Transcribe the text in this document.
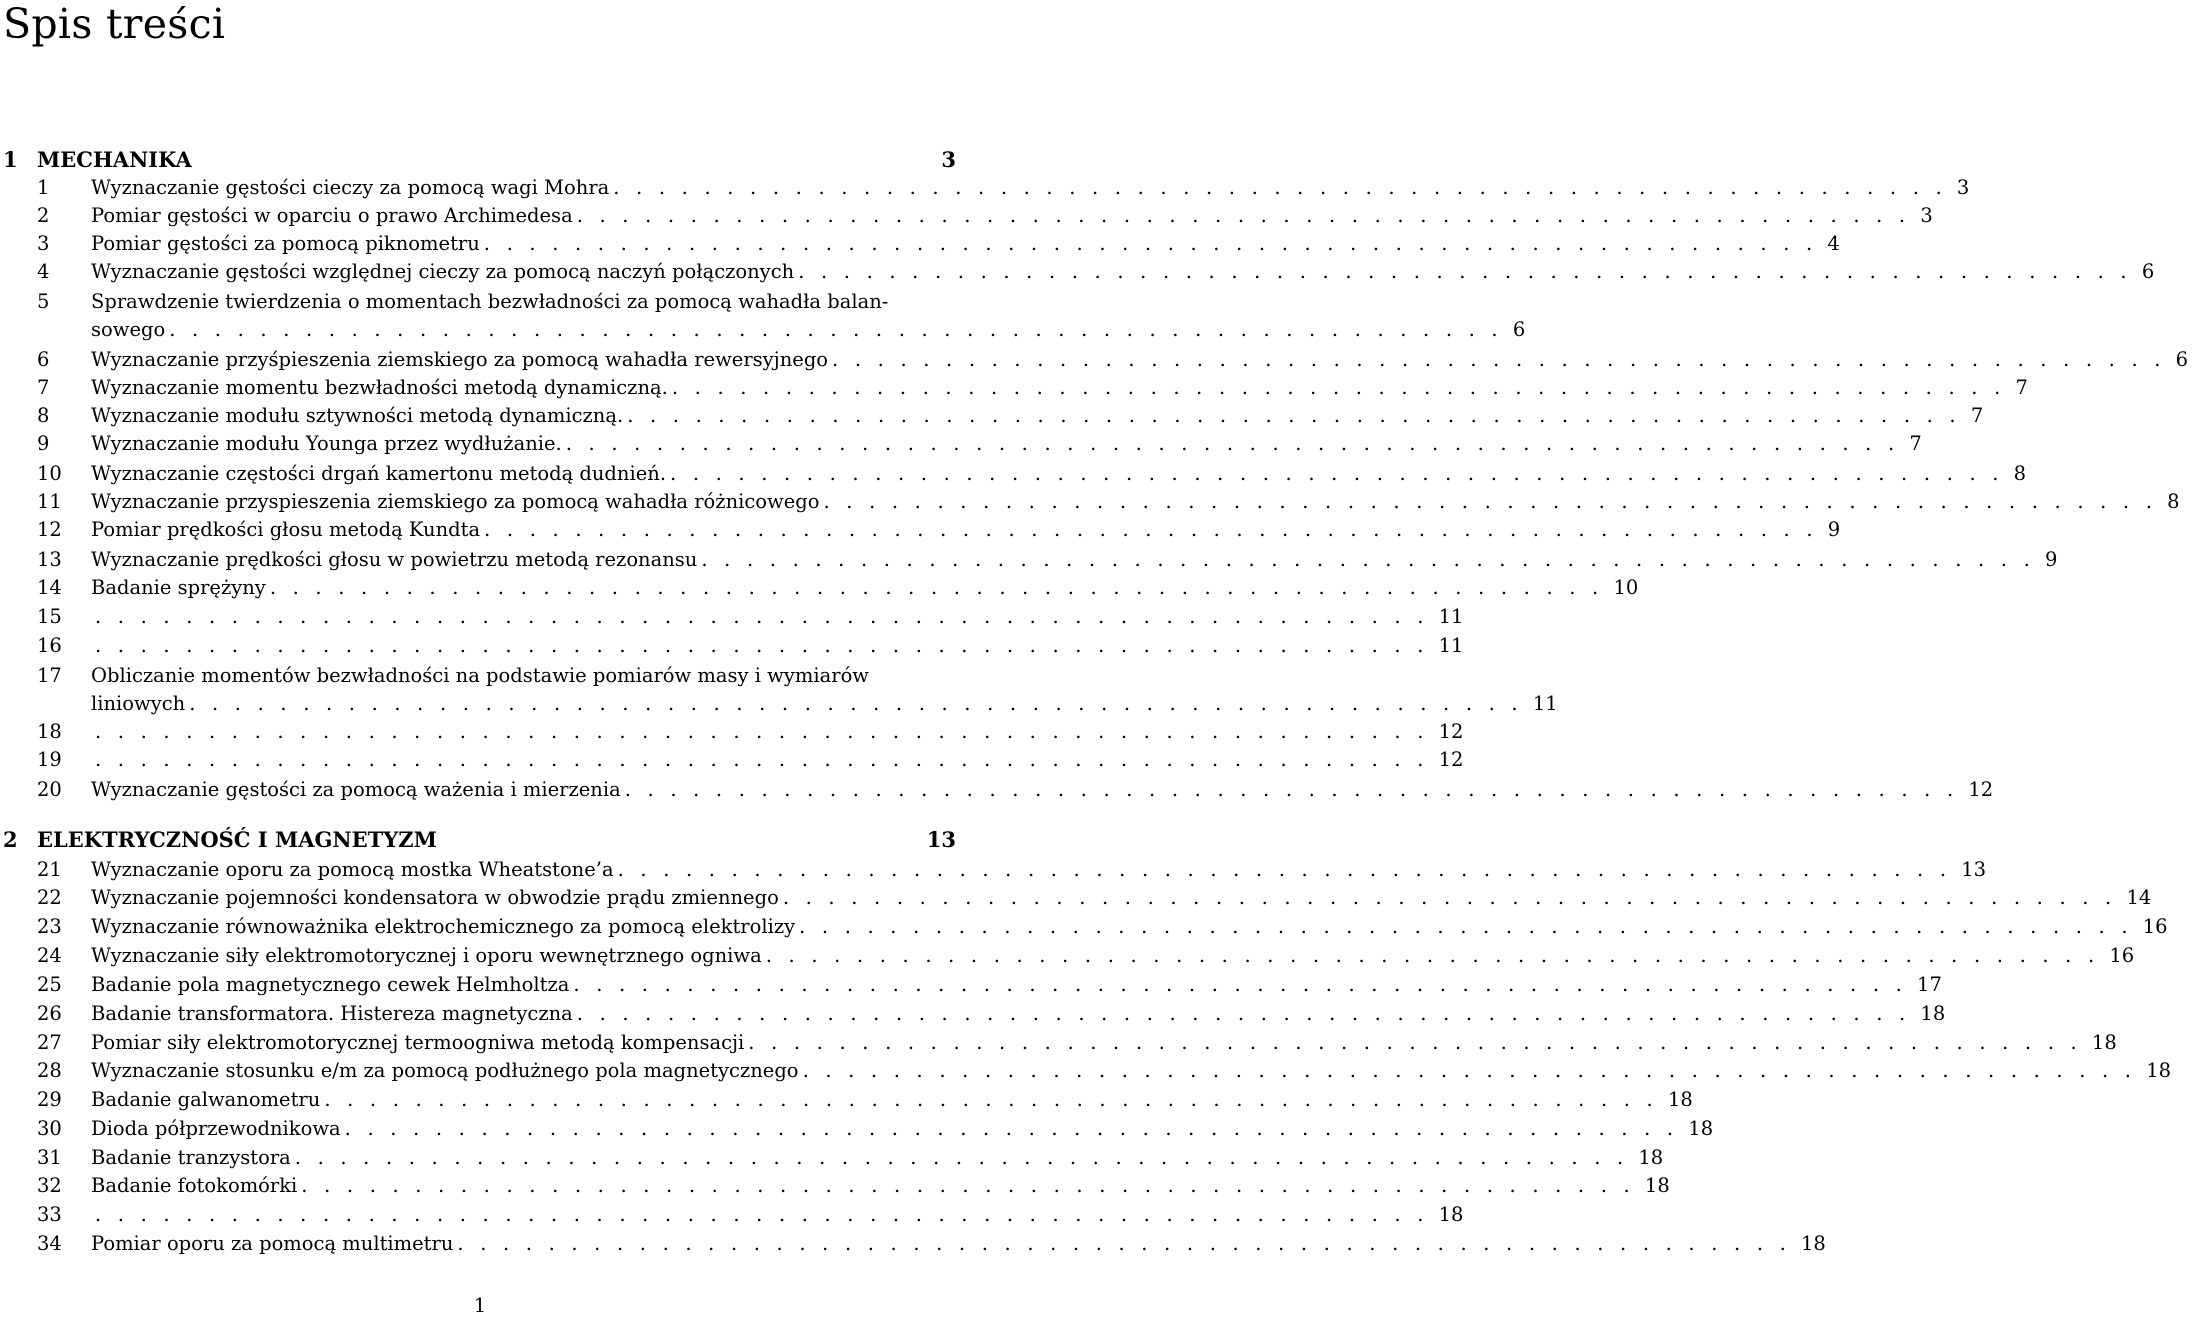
Spis treści
1 MECHANIKA	3
1 Wyznaczanie gęstości cieczy za pomocą wagi Mohra . . . . . . . . . . . . . . . . . . . . . . . . . . . . . . . . . . . . . . . . . . . . . . . . . . . . . . . . . . . 3
2 Pomiar gęstości w oparciu o prawo Archimedesa . . . . . . . . . . . . . . . . . . . . . . . . . . . . . . . . . . . . . . . . . . . . . . . . . . . . . . . . . . . 3
3 Pomiar gęstości za pomocą piknometru . . . . . . . . . . . . . . . . . . . . . . . . . . . . . . . . . . . . . . . . . . . . . . . . . . . . . . . . . . . 4
4 Wyznaczanie gęstości względnej cieczy za pomocą naczyń połączonych . . . . . . . . . . . . . . . . . . . . . . . . . . . . . . . . . . . . . . . . . . . . . . . . . . . . . . . . . . . 6
5 Sprawdzenie twierdzenia o momentach bezwładności za pomocą wahadła balan-
sowego . . . . . . . . . . . . . . . . . . . . . . . . . . . . . . . . . . . . . . . . . . . . . . . . . . . . . . . . . . . 6
6 Wyznaczanie przyśpieszenia ziemskiego za pomocą wahadła rewersyjnego . . . . . . . . . . . . . . . . . . . . . . . . . . . . . . . . . . . . . . . . . . . . . . . . . . . . . . . . . . . 6
7 Wyznaczanie momentu bezwładności metodą dynamiczną. . . . . . . . . . . . . . . . . . . . . . . . . . . . . . . . . . . . . . . . . . . . . . . . . . . . . . . . . . . . 7
8 Wyznaczanie modułu sztywności metodą dynamiczną. . . . . . . . . . . . . . . . . . . . . . . . . . . . . . . . . . . . . . . . . . . . . . . . . . . . . . . . . . . . 7
9 Wyznaczanie modułu Younga przez wydłużanie. . . . . . . . . . . . . . . . . . . . . . . . . . . . . . . . . . . . . . . . . . . . . . . . . . . . . . . . . . . . 7
10 Wyznaczanie częstości drgań kamertonu metodą dudnień. . . . . . . . . . . . . . . . . . . . . . . . . . . . . . . . . . . . . . . . . . . . . . . . . . . . . . . . . . . . 8
11 Wyznaczanie przyspieszenia ziemskiego za pomocą wahadła różnicowego . . . . . . . . . . . . . . . . . . . . . . . . . . . . . . . . . . . . . . . . . . . . . . . . . . . . . . . . . . . 8
12 Pomiar prędkości głosu metodą Kundta . . . . . . . . . . . . . . . . . . . . . . . . . . . . . . . . . . . . . . . . . . . . . . . . . . . . . . . . . . . 9
13 Wyznaczanie prędkości głosu w powietrzu metodą rezonansu . . . . . . . . . . . . . . . . . . . . . . . . . . . . . . . . . . . . . . . . . . . . . . . . . . . . . . . . . . . 9
14 Badanie sprężyny . . . . . . . . . . . . . . . . . . . . . . . . . . . . . . . . . . . . . . . . . . . . . . . . . . . . . . . . . . . 10
15 . . . . . . . . . . . . . . . . . . . . . . . . . . . . . . . . . . . . . . . . . . . . . . . . . . . . . . . . . . . 11
16 . . . . . . . . . . . . . . . . . . . . . . . . . . . . . . . . . . . . . . . . . . . . . . . . . . . . . . . . . . . 11
17 Obliczanie momentów bezwładności na podstawie pomiarów masy i wymiarów
liniowych . . . . . . . . . . . . . . . . . . . . . . . . . . . . . . . . . . . . . . . . . . . . . . . . . . . . . . . . . . . 11
18 . . . . . . . . . . . . . . . . . . . . . . . . . . . . . . . . . . . . . . . . . . . . . . . . . . . . . . . . . . . 12
19 . . . . . . . . . . . . . . . . . . . . . . . . . . . . . . . . . . . . . . . . . . . . . . . . . . . . . . . . . . . 12
20 Wyznaczanie gęstości za pomocą ważenia i mierzenia . . . . . . . . . . . . . . . . . . . . . . . . . . . . . . . . . . . . . . . . . . . . . . . . . . . . . . . . . . . 12
2 ELEKTRYCZNOŚĆ I MAGNETYZM	13
21 Wyznaczanie oporu za pomocą mostka Wheatstone’a . . . . . . . . . . . . . . . . . . . . . . . . . . . . . . . . . . . . . . . . . . . . . . . . . . . . . . . . . . . 13
22 Wyznaczanie pojemności kondensatora w obwodzie prądu zmiennego . . . . . . . . . . . . . . . . . . . . . . . . . . . . . . . . . . . . . . . . . . . . . . . . . . . . . . . . . . . 14
23 Wyznaczanie równoważnika elektrochemicznego za pomocą elektrolizy . . . . . . . . . . . . . . . . . . . . . . . . . . . . . . . . . . . . . . . . . . . . . . . . . . . . . . . . . . . 16
24 Wyznaczanie siły elektromotorycznej i oporu wewnętrznego ogniwa . . . . . . . . . . . . . . . . . . . . . . . . . . . . . . . . . . . . . . . . . . . . . . . . . . . . . . . . . . . 16
25 Badanie pola magnetycznego cewek Helmholtza . . . . . . . . . . . . . . . . . . . . . . . . . . . . . . . . . . . . . . . . . . . . . . . . . . . . . . . . . . . 17
26 Badanie transformatora. Histereza magnetyczna . . . . . . . . . . . . . . . . . . . . . . . . . . . . . . . . . . . . . . . . . . . . . . . . . . . . . . . . . . . 18
27 Pomiar siły elektromotorycznej termoogniwa metodą kompensacji . . . . . . . . . . . . . . . . . . . . . . . . . . . . . . . . . . . . . . . . . . . . . . . . . . . . . . . . . . . 18
28 Wyznaczanie stosunku e/m za pomocą podłużnego pola magnetycznego . . . . . . . . . . . . . . . . . . . . . . . . . . . . . . . . . . . . . . . . . . . . . . . . . . . . . . . . . . . 18
29 Badanie galwanometru . . . . . . . . . . . . . . . . . . . . . . . . . . . . . . . . . . . . . . . . . . . . . . . . . . . . . . . . . . . 18
30 Dioda półprzewodnikowa . . . . . . . . . . . . . . . . . . . . . . . . . . . . . . . . . . . . . . . . . . . . . . . . . . . . . . . . . . . 18
31 Badanie tranzystora . . . . . . . . . . . . . . . . . . . . . . . . . . . . . . . . . . . . . . . . . . . . . . . . . . . . . . . . . . . 18
32 Badanie fotokomórki . . . . . . . . . . . . . . . . . . . . . . . . . . . . . . . . . . . . . . . . . . . . . . . . . . . . . . . . . . . 18
33 . . . . . . . . . . . . . . . . . . . . . . . . . . . . . . . . . . . . . . . . . . . . . . . . . . . . . . . . . . . 18
34 Pomiar oporu za pomocą multimetru . . . . . . . . . . . . . . . . . . . . . . . . . . . . . . . . . . . . . . . . . . . . . . . . . . . . . . . . . . . 18
1
